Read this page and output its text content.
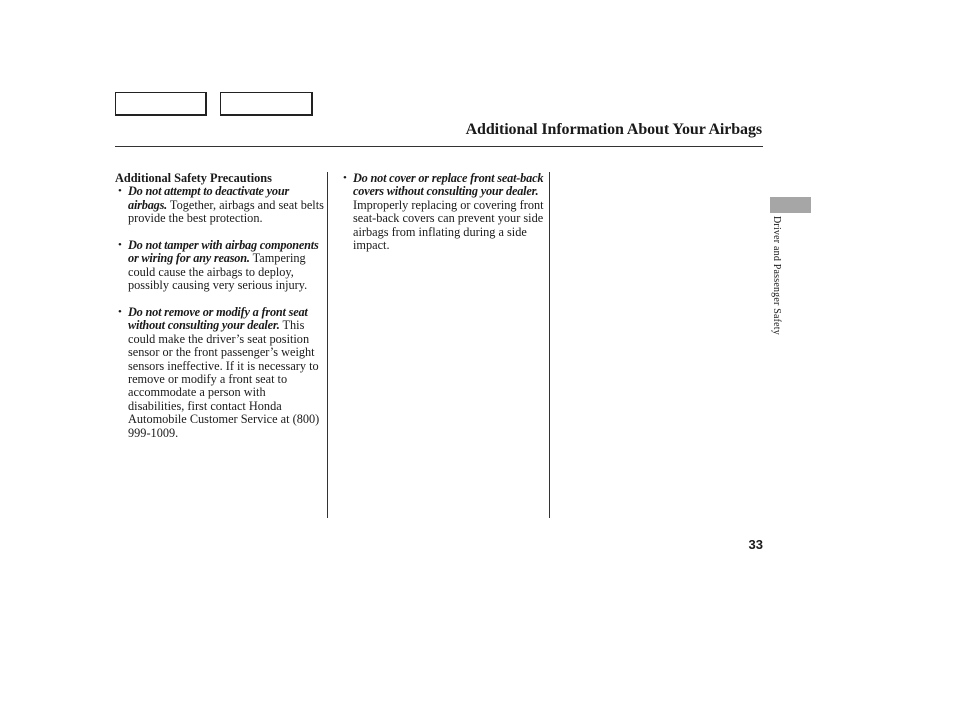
Additional Information About Your Airbags

Additional Safety Precautions

• Do not attempt to deactivate your airbags. Together, airbags and seat belts provide the best protection.

• Do not tamper with airbag components or wiring for any reason. Tampering could cause the airbags to deploy, possibly causing very serious injury.

• Do not remove or modify a front seat without consulting your dealer. This could make the driver’s seat position sensor or the front passenger’s weight sensors ineffective. If it is necessary to remove or modify a front seat to accommodate a person with disabilities, first contact Honda Automobile Customer Service at (800) 999-1009.

• Do not cover or replace front seat-back covers without consulting your dealer. Improperly replacing or covering front seat-back covers can prevent your side airbags from inflating during a side impact.	Driver and Passenger Safety
33
